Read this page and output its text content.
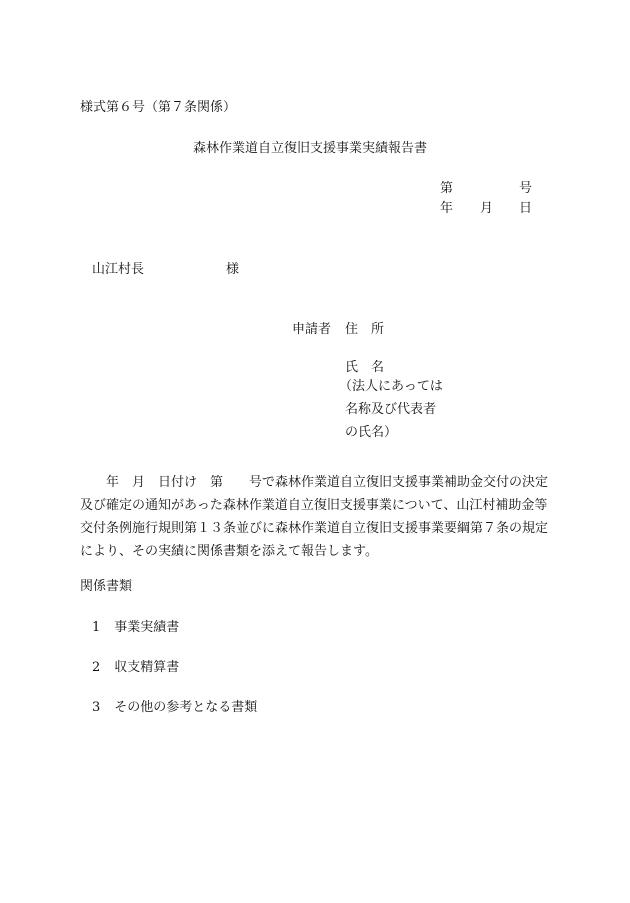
様式第６号（第７条関係）
森林作業道自立復旧支援事業実績報告書
第	号
年 月 日
山江村長	様
申請者 住　所
氏　名
（法人にあっては
名称及び代表者
の氏名）
　　年　月　日付け　第　　号で森林作業道自立復旧支援事業補助金交付の決定及び確定の通知があった森林作業道自立復旧支援事業について、山江村補助金等交付条例施行規則第１３条並びに森林作業道自立復旧支援事業要綱第７条の規定により、その実績に関係書類を添えて報告します。
関係書類
1 事業実績書
2 収支精算書
3 その他の参考となる書類
